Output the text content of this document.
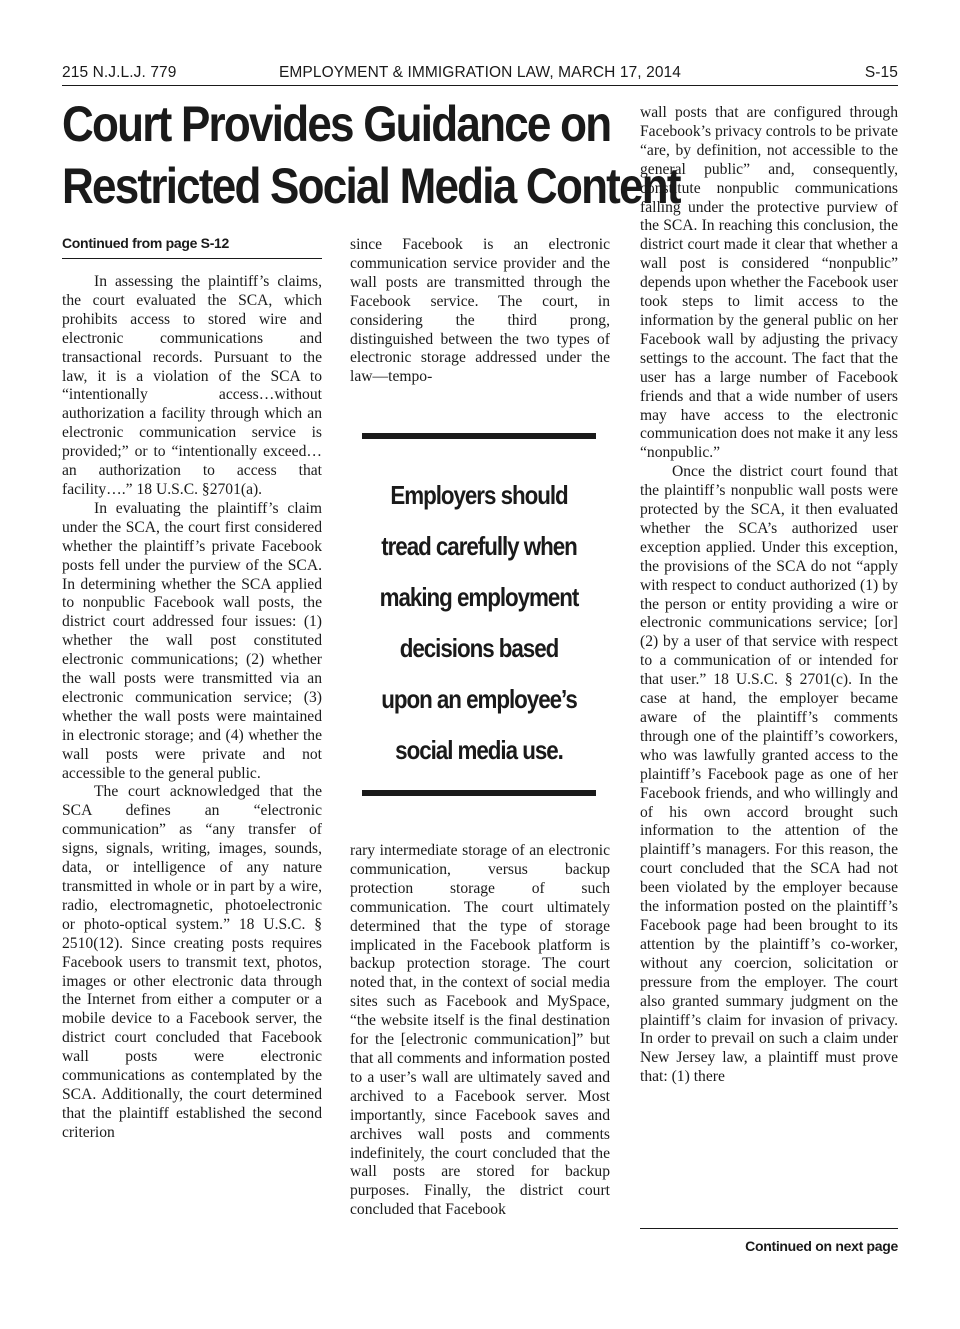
215 N.J.L.J. 779	EMPLOYMENT & IMMIGRATION LAW, MARCH 17, 2014	S-15
Court Provides Guidance on
Restricted Social Media Content
Continued from page S-12

In assessing the plaintiff’s claims, the court evaluated the SCA, which prohibits access to stored wire and electronic communications and transactional records. Pursuant to the law, it is a violation of the SCA to “intentionally access…without authorization a facility through which an electronic communication service is provided;” or to “intentionally exceed…an authorization to access that facility….” 18 U.S.C. §2701(a).

In evaluating the plaintiff’s claim under the SCA, the court first considered whether the plaintiff’s private Facebook posts fell under the purview of the SCA. In determining whether the SCA applied to nonpublic Facebook wall posts, the district court addressed four issues: (1) whether the wall post constituted electronic communications; (2) whether the wall posts were transmitted via an electronic communication service; (3) whether the wall posts were maintained in electronic storage; and (4) whether the wall posts were private and not accessible to the general public.

The court acknowledged that the SCA defines an “electronic communication” as “any transfer of signs, signals, writing, images, sounds, data, or intelligence of any nature transmitted in whole or in part by a wire, radio, electromagnetic, photoelectronic or photo-optical system.” 18 U.S.C. § 2510(12). Since creating posts requires Facebook users to transmit text, photos, images or other electronic data through the Internet from either a computer or a mobile device to a Facebook server, the district court concluded that Facebook wall posts were electronic communications as contemplated by the SCA. Additionally, the court determined that the plaintiff established the second criterion

since Facebook is an electronic communication service provider and the wall posts are transmitted through the Facebook service. The court, in considering the third prong, distinguished between the two types of electronic storage addressed under the law—tempo-

Employers should tread carefully when making employment decisions based upon an employee’s social media use.

rary intermediate storage of an electronic communication, versus backup protection storage of such communication. The court ultimately determined that the type of storage implicated in the Facebook platform is backup protection storage. The court noted that, in the context of social media sites such as Facebook and MySpace, “the website itself is the final destination for the [electronic communication]” but that all comments and information posted to a user’s wall are ultimately saved and archived to a Facebook server. Most importantly, since Facebook saves and archives wall posts and comments indefinitely, the court concluded that the wall posts are stored for backup purposes. Finally, the district court concluded that Facebook

wall posts that are configured through Facebook’s privacy controls to be private “are, by definition, not accessible to the general public” and, consequently, constitute nonpublic communications falling under the protective purview of the SCA. In reaching this conclusion, the district court made it clear that whether a wall post is considered “nonpublic” depends upon whether the Facebook user took steps to limit access to the information by the general public on her Facebook wall by adjusting the privacy settings to the account. The fact that the user has a large number of Facebook friends and that a wide number of users may have access to the electronic communication does not make it any less “nonpublic.”

Once the district court found that the plaintiff’s nonpublic wall posts were protected by the SCA, it then evaluated whether the SCA’s authorized user exception applied. Under this exception, the provisions of the SCA do not “apply with respect to conduct authorized (1) by the person or entity providing a wire or electronic communications service; [or] (2) by a user of that service with respect to a communication of or intended for that user.” 18 U.S.C. § 2701(c). In the case at hand, the employer became aware of the plaintiff’s comments through one of the plaintiff’s coworkers, who was lawfully granted access to the plaintiff’s Facebook page as one of her Facebook friends, and who willingly and of his own accord brought such information to the attention of the plaintiff’s managers. For this reason, the court concluded that the SCA had not been violated by the employer because the information posted on the plaintiff’s Facebook page had been brought to its attention by the plaintiff’s co-worker, without any coercion, solicitation or pressure from the employer. The court also granted summary judgment on the plaintiff’s claim for invasion of privacy. In order to prevail on such a claim under New Jersey law, a plaintiff must prove that: (1) there

Continued on next page
